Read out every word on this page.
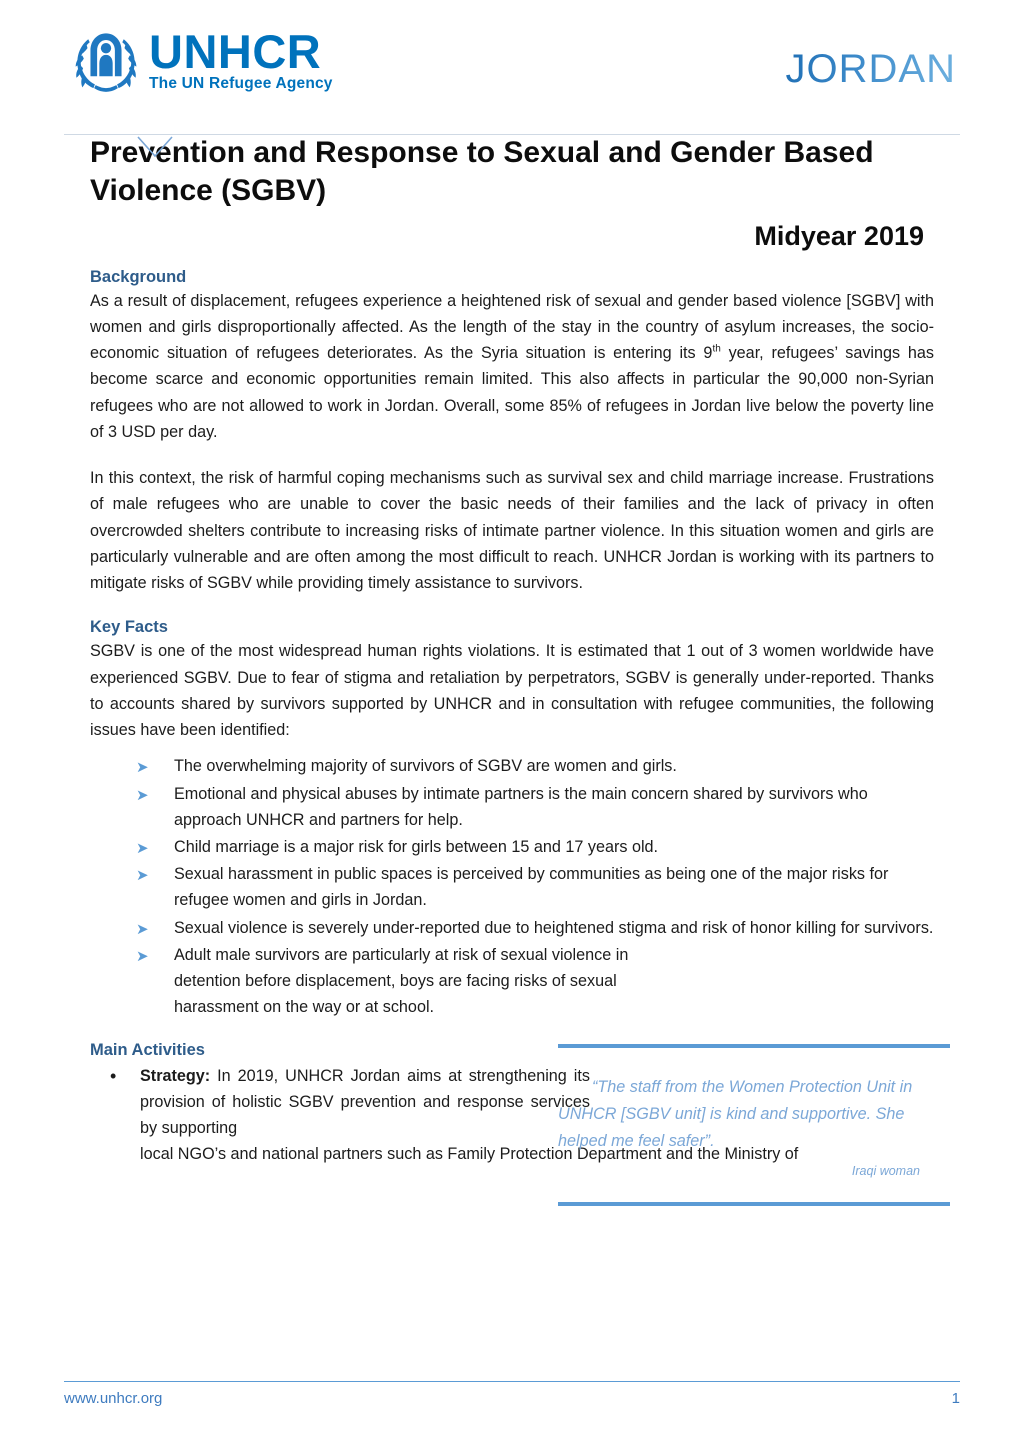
UNHCR
The UN Refugee Agency	JORDAN
Prevention and Response to Sexual and Gender Based Violence (SGBV)
Midyear 2019
Background

As a result of displacement, refugees experience a heightened risk of sexual and gender based violence [SGBV] with women and girls disproportionally affected. As the length of the stay in the country of asylum increases, the socio-economic situation of refugees deteriorates. As the Syria situation is entering its 9th year, refugees’ savings has become scarce and economic opportunities remain limited. This also affects in particular the 90,000 non-Syrian refugees who are not allowed to work in Jordan. Overall, some 85% of refugees in Jordan live below the poverty line of 3 USD per day.

In this context, the risk of harmful coping mechanisms such as survival sex and child marriage increase. Frustrations of male refugees who are unable to cover the basic needs of their families and the lack of privacy in often overcrowded shelters contribute to increasing risks of intimate partner violence. In this situation women and girls are particularly vulnerable and are often among the most difficult to reach. UNHCR Jordan is working with its partners to mitigate risks of SGBV while providing timely assistance to survivors.

Key Facts

SGBV is one of the most widespread human rights violations. It is estimated that 1 out of 3 women worldwide have experienced SGBV. Due to fear of stigma and retaliation by perpetrators, SGBV is generally under-reported. Thanks to accounts shared by survivors supported by UNHCR and in consultation with refugee communities, the following issues have been identified:

➤ The overwhelming majority of survivors of SGBV are women and girls.
➤ Emotional and physical abuses by intimate partners is the main concern shared by survivors who approach UNHCR and partners for help.
➤ Child marriage is a major risk for girls between 15 and 17 years old.
➤ Sexual harassment in public spaces is perceived by communities as being one of the major risks for refugee women and girls in Jordan.
➤ Sexual violence is severely under-reported due to heightened stigma and risk of honor killing for survivors.
➤ Adult male survivors are particularly at risk of sexual violence in detention before displacement, boys are facing risks of sexual harassment on the way or at school.
Main Activities
• Strategy: In 2019, UNHCR Jordan aims at strengthening its provision of holistic SGBV prevention and response services by supporting
local NGO’s and national partners such as Family Protection Department and the Ministry of

“The staff from the Women Protection Unit in UNHCR [SGBV unit] is kind and supportive. She helped me feel safer”.

Iraqi woman
www.unhcr.org	1
